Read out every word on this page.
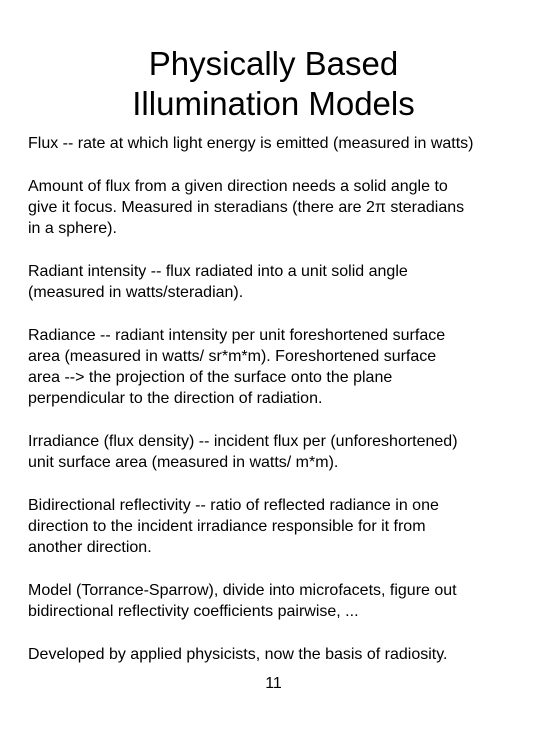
Physically Based
Illumination Models

Flux -- rate at which light energy is emitted (measured in watts)

Amount of flux from a given direction needs a solid angle to
give it focus. Measured in steradians (there are 2π steradians
in a sphere).

Radiant intensity -- flux radiated into a unit solid angle
(measured in watts/steradian).

Radiance -- radiant intensity per unit foreshortened surface
area (measured in watts/ sr*m*m). Foreshortened surface
area --> the projection of the surface onto the plane
perpendicular to the direction of radiation.

Irradiance (flux density) -- incident flux per (unforeshortened)
unit surface area (measured in watts/ m*m).

Bidirectional reflectivity -- ratio of reflected radiance in one
direction to the incident irradiance responsible for it from
another direction.

Model (Torrance-Sparrow), divide into microfacets, figure out
bidirectional reflectivity coefficients pairwise, ...

Developed by applied physicists, now the basis of radiosity.

11
